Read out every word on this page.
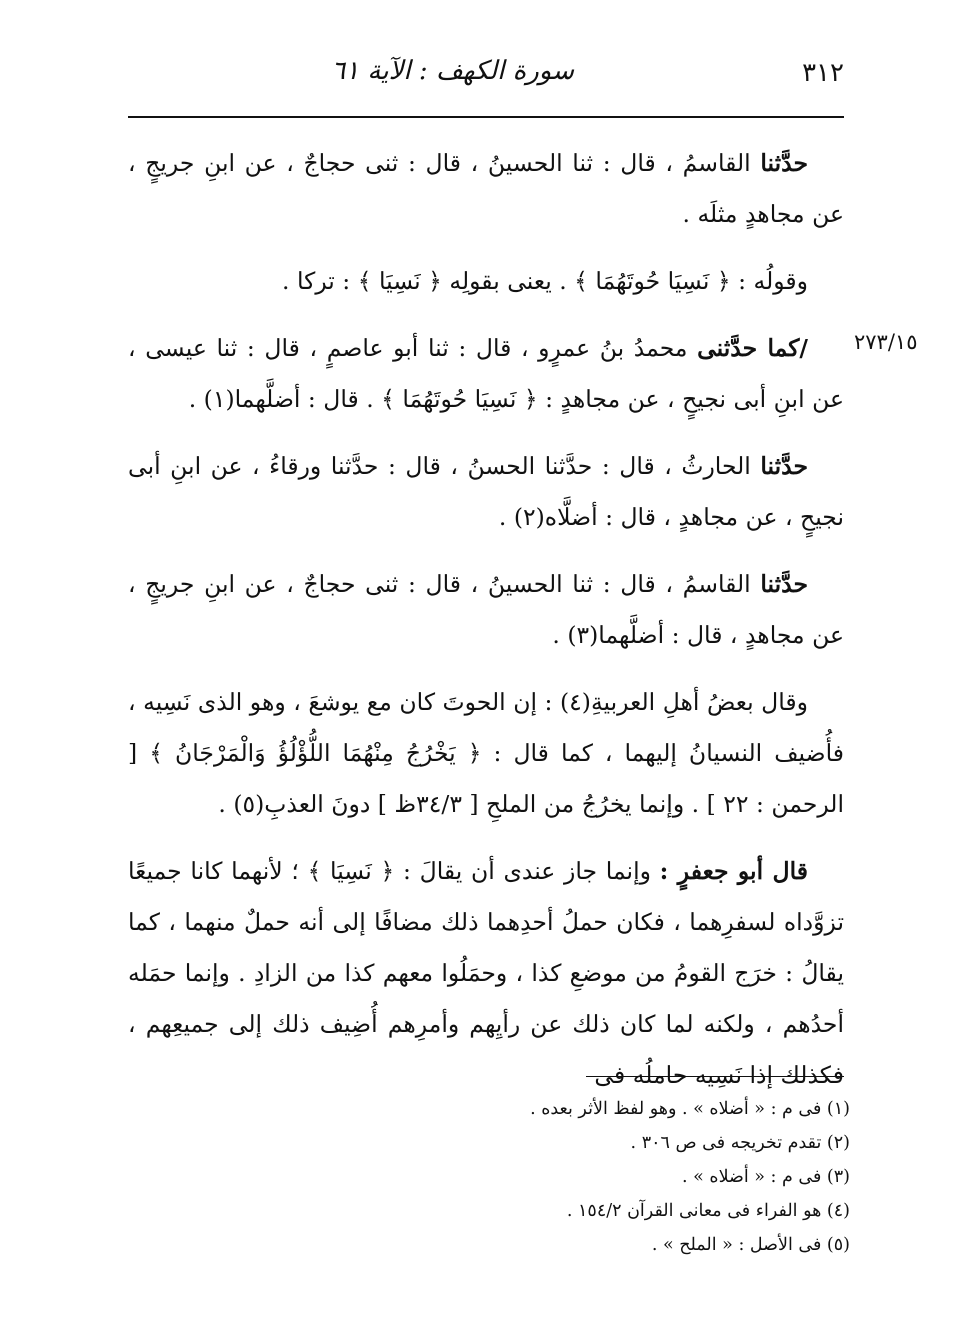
٣١٢
سورة الكهف : الآية ٦١
٢٧٣/١٥

حدَّثنا القاسمُ ، قال : ثنا الحسينُ ، قال : ثنى حجاجٌ ، عن ابنِ جريجٍ ، عن مجاهدٍ مثلَه .

وقولُه : ﴿ نَسِيَا حُوتَهُمَا ﴾ . يعنى بقولِه ﴿ نَسِيَا ﴾ : تركا .

/كما حدَّثنى محمدُ بنُ عمرٍو ، قال : ثنا أبو عاصمٍ ، قال : ثنا عيسى ، عن ابنِ أبى نجيحٍ ، عن مجاهدٍ : ﴿ نَسِيَا حُوتَهُمَا ﴾ . قال : أضلَّهما(١) .

حدَّثنا الحارثُ ، قال : حدَّثنا الحسنُ ، قال : حدَّثنا ورقاءُ ، عن ابنِ أبى نجيحٍ ، عن مجاهدٍ ، قال : أضلَّاه(٢) .

حدَّثنا القاسمُ ، قال : ثنا الحسينُ ، قال : ثنى حجاجٌ ، عن ابنِ جريجٍ ، عن مجاهدٍ ، قال : أضلَّهما(٣) .

وقال بعضُ أهلِ العربيةِ(٤) : إن الحوتَ كان مع يوشعَ ، وهو الذى نَسِيه ، فأُضيف النسيانُ إليهما ، كما قال : ﴿ يَخْرُجُ مِنْهُمَا اللُّؤْلُؤُ وَالْمَرْجَانُ ﴾ [ الرحمن : ٢٢ ] . وإنما يخرُجُ من الملحِ [ ٣٤/٣ظ ] دونَ العذبِ(٥) .

قال أبو جعفرٍ : وإنما جاز عندى أن يقالَ : ﴿ نَسِيَا ﴾ ؛ لأنهما كانا جميعًا تزوَّداه لسفرِهما ، فكان حملُ أحدِهما ذلك مضافًا إلى أنه حملٌ منهما ، كما يقالُ : خرَج القومُ من موضعِ كذا ، وحمَلُوا معهم كذا من الزادِ . وإنما حمَله أحدُهم ، ولكنه لما كان ذلك عن رأيِهم وأمرِهم أُضِيف ذلك إلى جميعِهم ، فكذلك إذا نَسِيه حاملُه فى

(١) فى م : « أضلاه » . وهو لفظ الأثر بعده .

(٢) تقدم تخريجه فى ص ٣٠٦ .

(٣) فى م : « أضلاه » .

(٤) هو الفراء فى معانى القرآن ١٥٤/٢ .

(٥) فى الأصل : « الملح » .
